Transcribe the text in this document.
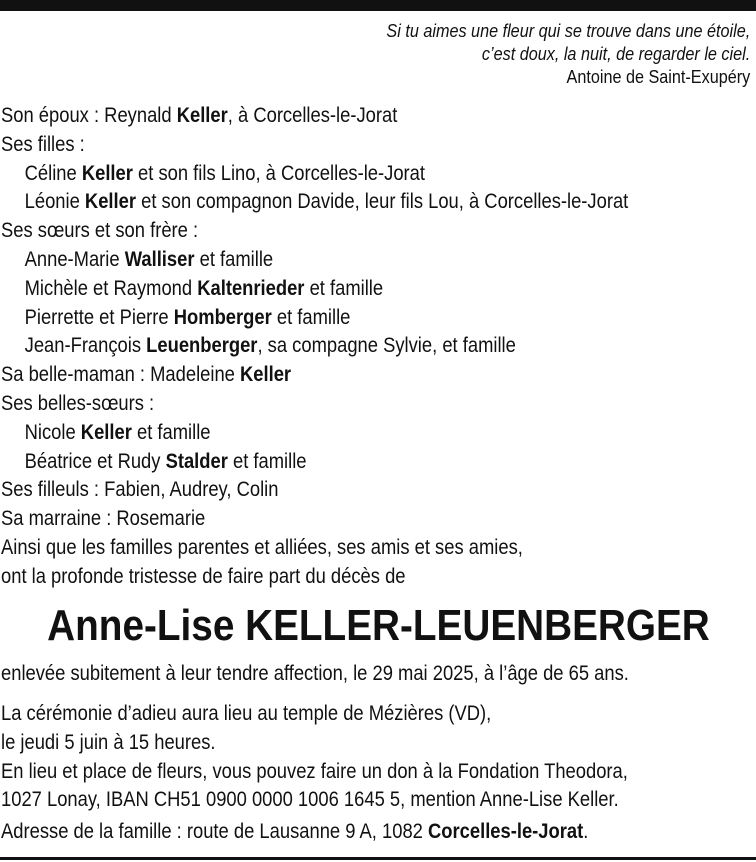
Si tu aimes une fleur qui se trouve dans une étoile,
c’est doux, la nuit, de regarder le ciel.
Antoine de Saint-Exupéry
Son époux : Reynald Keller, à Corcelles-le-Jorat
Ses filles :
Céline Keller et son fils Lino, à Corcelles-le-Jorat
Léonie Keller et son compagnon Davide, leur fils Lou, à Corcelles-le-Jorat
Ses sœurs et son frère :
Anne-Marie Walliser et famille
Michèle et Raymond Kaltenrieder et famille
Pierrette et Pierre Homberger et famille
Jean-François Leuenberger, sa compagne Sylvie, et famille
Sa belle-maman : Madeleine Keller
Ses belles-sœurs :
Nicole Keller et famille
Béatrice et Rudy Stalder et famille
Ses filleuls : Fabien, Audrey, Colin
Sa marraine : Rosemarie
Ainsi que les familles parentes et alliées, ses amis et ses amies,
ont la profonde tristesse de faire part du décès de
Anne-Lise KELLER-LEUENBERGER
enlevée subitement à leur tendre affection, le 29 mai 2025, à l’âge de 65 ans.
La cérémonie d’adieu aura lieu au temple de Mézières (VD),
le jeudi 5 juin à 15 heures.
En lieu et place de fleurs, vous pouvez faire un don à la Fondation Theodora,
1027 Lonay, IBAN CH51 0900 0000 1006 1645 5, mention Anne-Lise Keller.
Adresse de la famille : route de Lausanne 9 A, 1082 Corcelles-le-Jorat.
